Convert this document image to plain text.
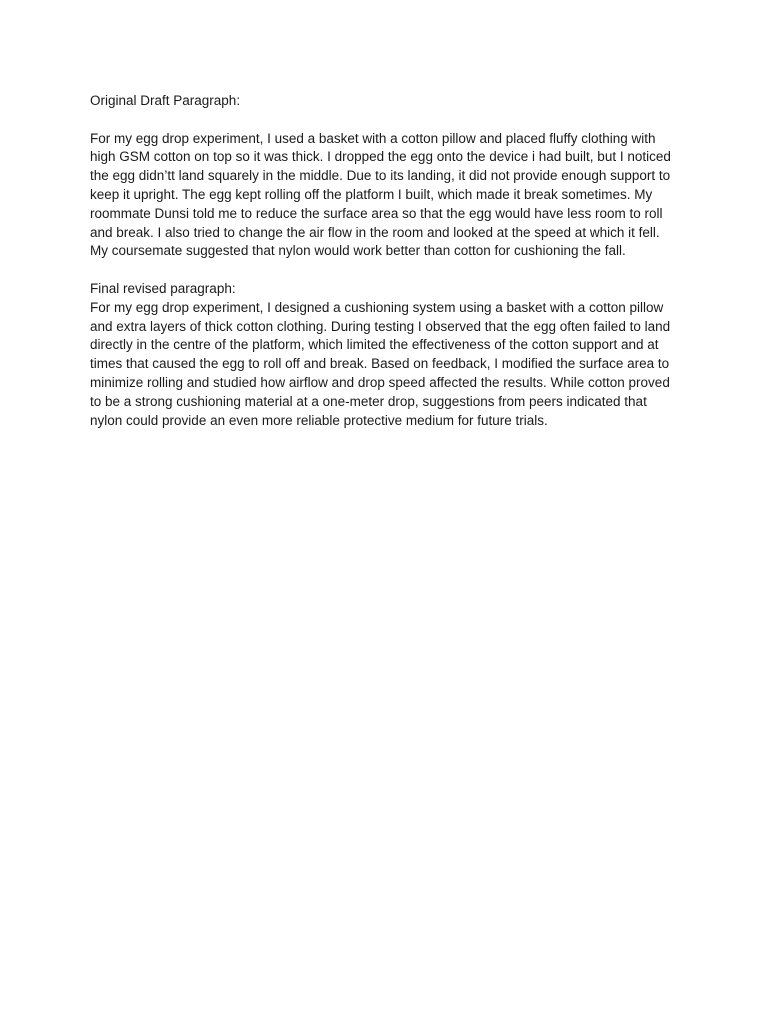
Original Draft Paragraph:

For my egg drop experiment, I used a basket with a cotton pillow and placed fluffy clothing with high GSM cotton on top so it was thick. I dropped the egg onto the device i had built, but I noticed the egg didn’tt land squarely in the middle. Due to its landing, it did not provide enough support to keep it upright. The egg kept rolling off the platform I built, which made it break sometimes. My roommate Dunsi told me to reduce the surface area so that the egg would have less room to roll and break. I also tried to change the air flow in the room and looked at the speed at which it fell. My coursemate suggested that nylon would work better than cotton for cushioning the fall.

Final revised paragraph:

For my egg drop experiment, I designed a cushioning system using a basket with a cotton pillow and extra layers of thick cotton clothing. During testing I observed that the egg often failed to land directly in the centre of the platform, which limited the effectiveness of the cotton support and at times that caused the egg to roll off and break. Based on feedback, I modified the surface area to minimize rolling and studied how airflow and drop speed affected the results. While cotton proved to be a strong cushioning material at a one-meter drop, suggestions from peers indicated that nylon could provide an even more reliable protective medium for future trials.
